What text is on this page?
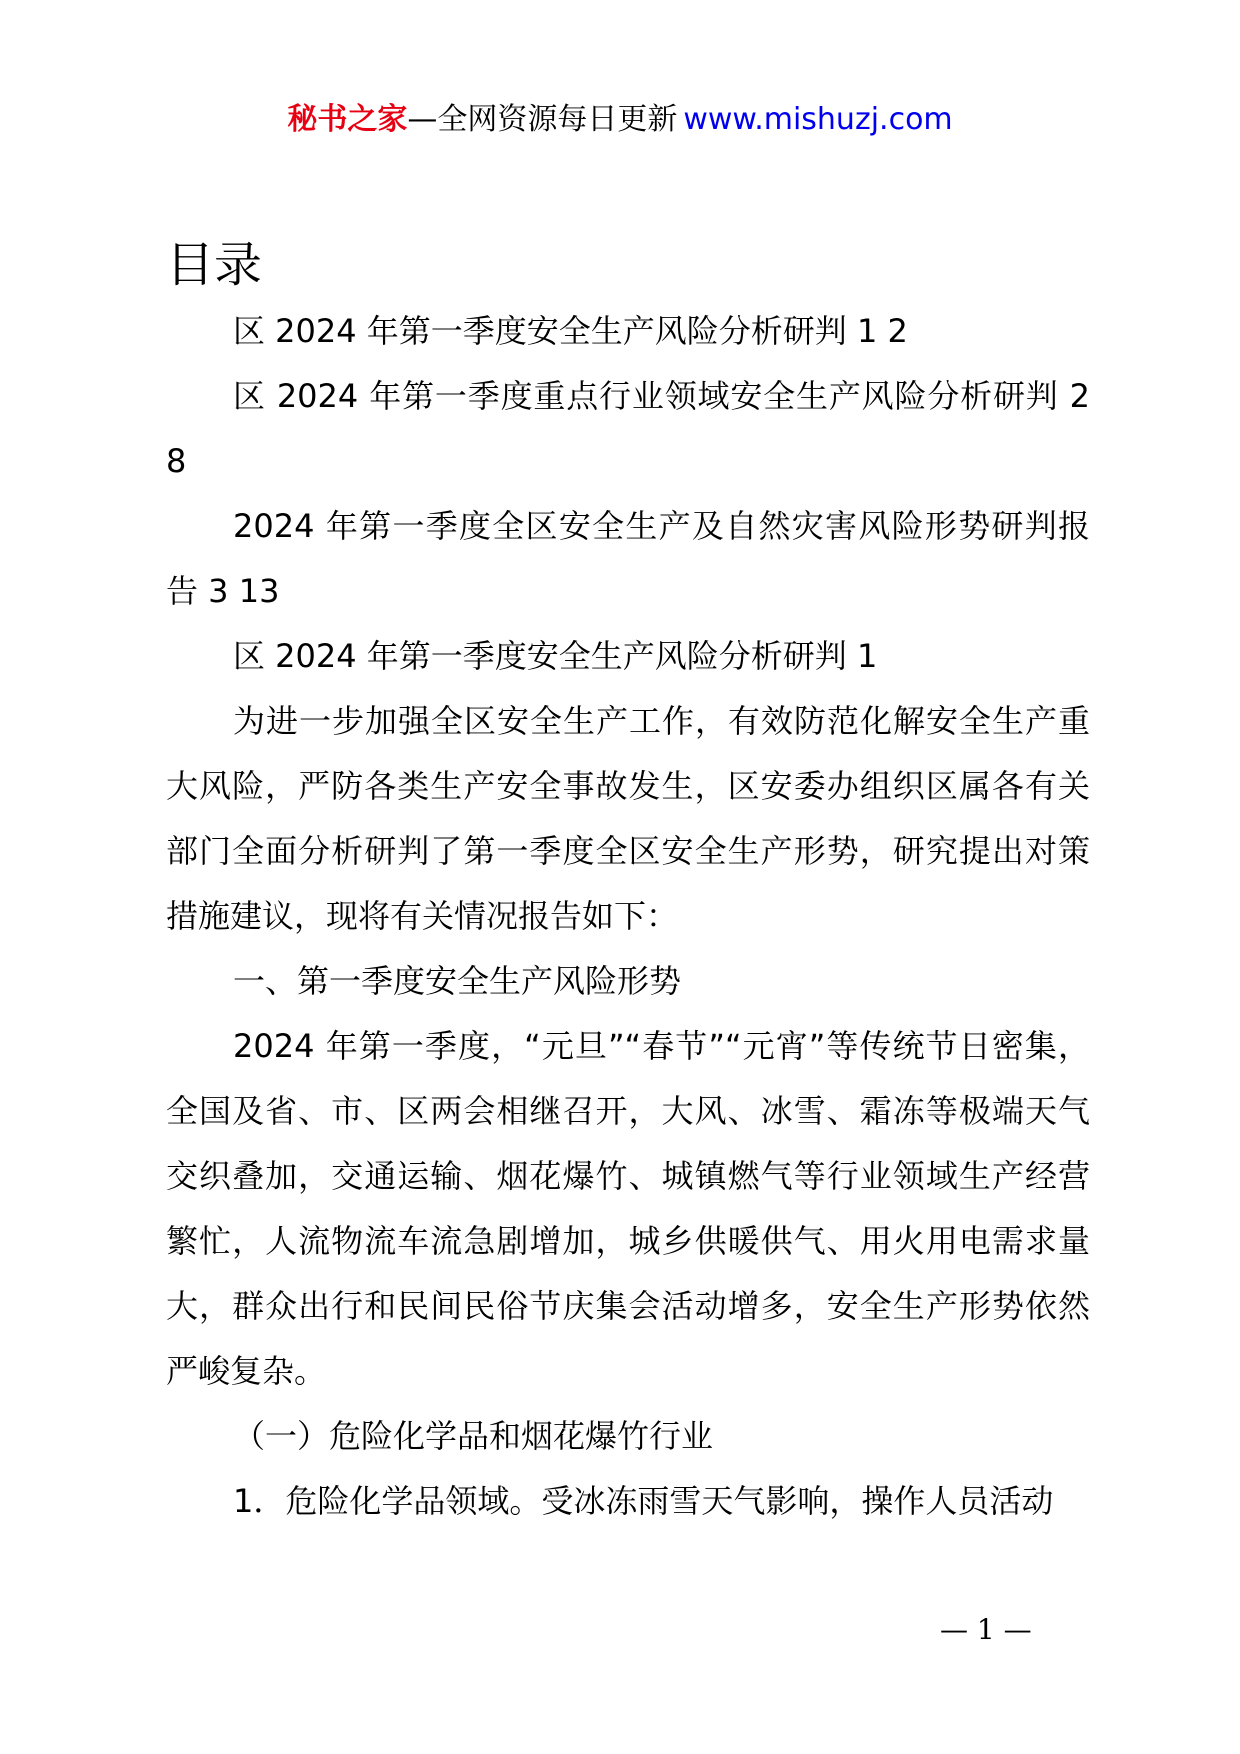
秘书之家—全网资源每日更新 www.mishuzj.com
目录

区 2024 年第一季度安全生产风险分析研判 1 2

区 2024 年第一季度重点行业领域安全生产风险分析研判 2 8

2024 年第一季度全区安全生产及自然灾害风险形势研判报告 3 13

区 2024 年第一季度安全生产风险分析研判 1

为进一步加强全区安全生产工作，有效防范化解安全生产重大风险，严防各类生产安全事故发生，区安委办组织区属各有关部门全面分析研判了第一季度全区安全生产形势，研究提出对策措施建议，现将有关情况报告如下：

一、第一季度安全生产风险形势

2024 年第一季度，“元旦”“春节”“元宵”等传统节日密集，全国及省、市、区两会相继召开，大风、冰雪、霜冻等极端天气交织叠加，交通运输、烟花爆竹、城镇燃气等行业领域生产经营繁忙，人流物流车流急剧增加，城乡供暖供气、用火用电需求量大，群众出行和民间民俗节庆集会活动增多，安全生产形势依然严峻复杂。

（一）危险化学品和烟花爆竹行业

1．危险化学品领域。受冰冻雨雪天气影响，操作人员活动

— 1 —
